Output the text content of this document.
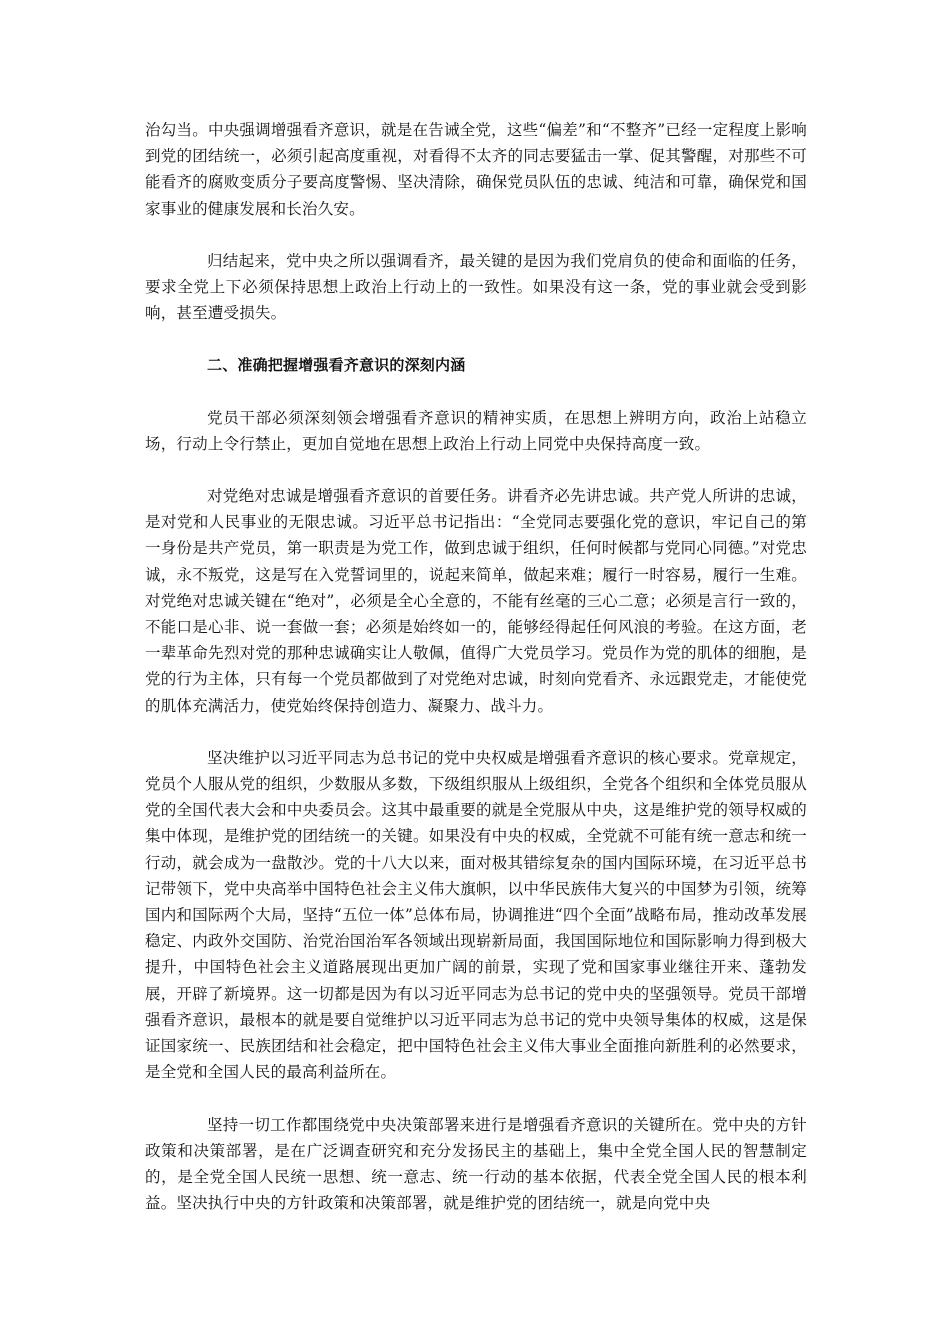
治勾当。中央强调增强看齐意识，就是在告诫全党，这些“偏差”和“不整齐”已经一定程度上影响到党的团结统一，必须引起高度重视，对看得不太齐的同志要猛击一掌、促其警醒，对那些不可能看齐的腐败变质分子要高度警惕、坚决清除，确保党员队伍的忠诚、纯洁和可靠，确保党和国家事业的健康发展和长治久安。

归结起来，党中央之所以强调看齐，最关键的是因为我们党肩负的使命和面临的任务，要求全党上下必须保持思想上政治上行动上的一致性。如果没有这一条，党的事业就会受到影响，甚至遭受损失。

二、准确把握增强看齐意识的深刻内涵

党员干部必须深刻领会增强看齐意识的精神实质，在思想上辨明方向，政治上站稳立场，行动上令行禁止，更加自觉地在思想上政治上行动上同党中央保持高度一致。

对党绝对忠诚是增强看齐意识的首要任务。讲看齐必先讲忠诚。共产党人所讲的忠诚，是对党和人民事业的无限忠诚。习近平总书记指出：“全党同志要强化党的意识，牢记自己的第一身份是共产党员，第一职责是为党工作，做到忠诚于组织，任何时候都与党同心同德。”对党忠诚，永不叛党，这是写在入党誓词里的，说起来简单，做起来难；履行一时容易，履行一生难。对党绝对忠诚关键在“绝对”，必须是全心全意的，不能有丝毫的三心二意；必须是言行一致的，不能口是心非、说一套做一套；必须是始终如一的，能够经得起任何风浪的考验。在这方面，老一辈革命先烈对党的那种忠诚确实让人敬佩，值得广大党员学习。党员作为党的肌体的细胞，是党的行为主体，只有每一个党员都做到了对党绝对忠诚，时刻向党看齐、永远跟党走，才能使党的肌体充满活力，使党始终保持创造力、凝聚力、战斗力。

坚决维护以习近平同志为总书记的党中央权威是增强看齐意识的核心要求。党章规定，党员个人服从党的组织，少数服从多数，下级组织服从上级组织，全党各个组织和全体党员服从党的全国代表大会和中央委员会。这其中最重要的就是全党服从中央，这是维护党的领导权威的集中体现，是维护党的团结统一的关键。如果没有中央的权威，全党就不可能有统一意志和统一行动，就会成为一盘散沙。党的十八大以来，面对极其错综复杂的国内国际环境，在习近平总书记带领下，党中央高举中国特色社会主义伟大旗帜，以中华民族伟大复兴的中国梦为引领，统筹国内和国际两个大局，坚持“五位一体”总体布局，协调推进“四个全面”战略布局，推动改革发展稳定、内政外交国防、治党治国治军各领域出现崭新局面，我国国际地位和国际影响力得到极大提升，中国特色社会主义道路展现出更加广阔的前景，实现了党和国家事业继往开来、蓬勃发展，开辟了新境界。这一切都是因为有以习近平同志为总书记的党中央的坚强领导。党员干部增强看齐意识，最根本的就是要自觉维护以习近平同志为总书记的党中央领导集体的权威，这是保证国家统一、民族团结和社会稳定，把中国特色社会主义伟大事业全面推向新胜利的必然要求，是全党和全国人民的最高利益所在。

坚持一切工作都围绕党中央决策部署来进行是增强看齐意识的关键所在。党中央的方针政策和决策部署，是在广泛调查研究和充分发扬民主的基础上，集中全党全国人民的智慧制定的，是全党全国人民统一思想、统一意志、统一行动的基本依据，代表全党全国人民的根本利益。坚决执行中央的方针政策和决策部署，就是维护党的团结统一，就是向党中央
